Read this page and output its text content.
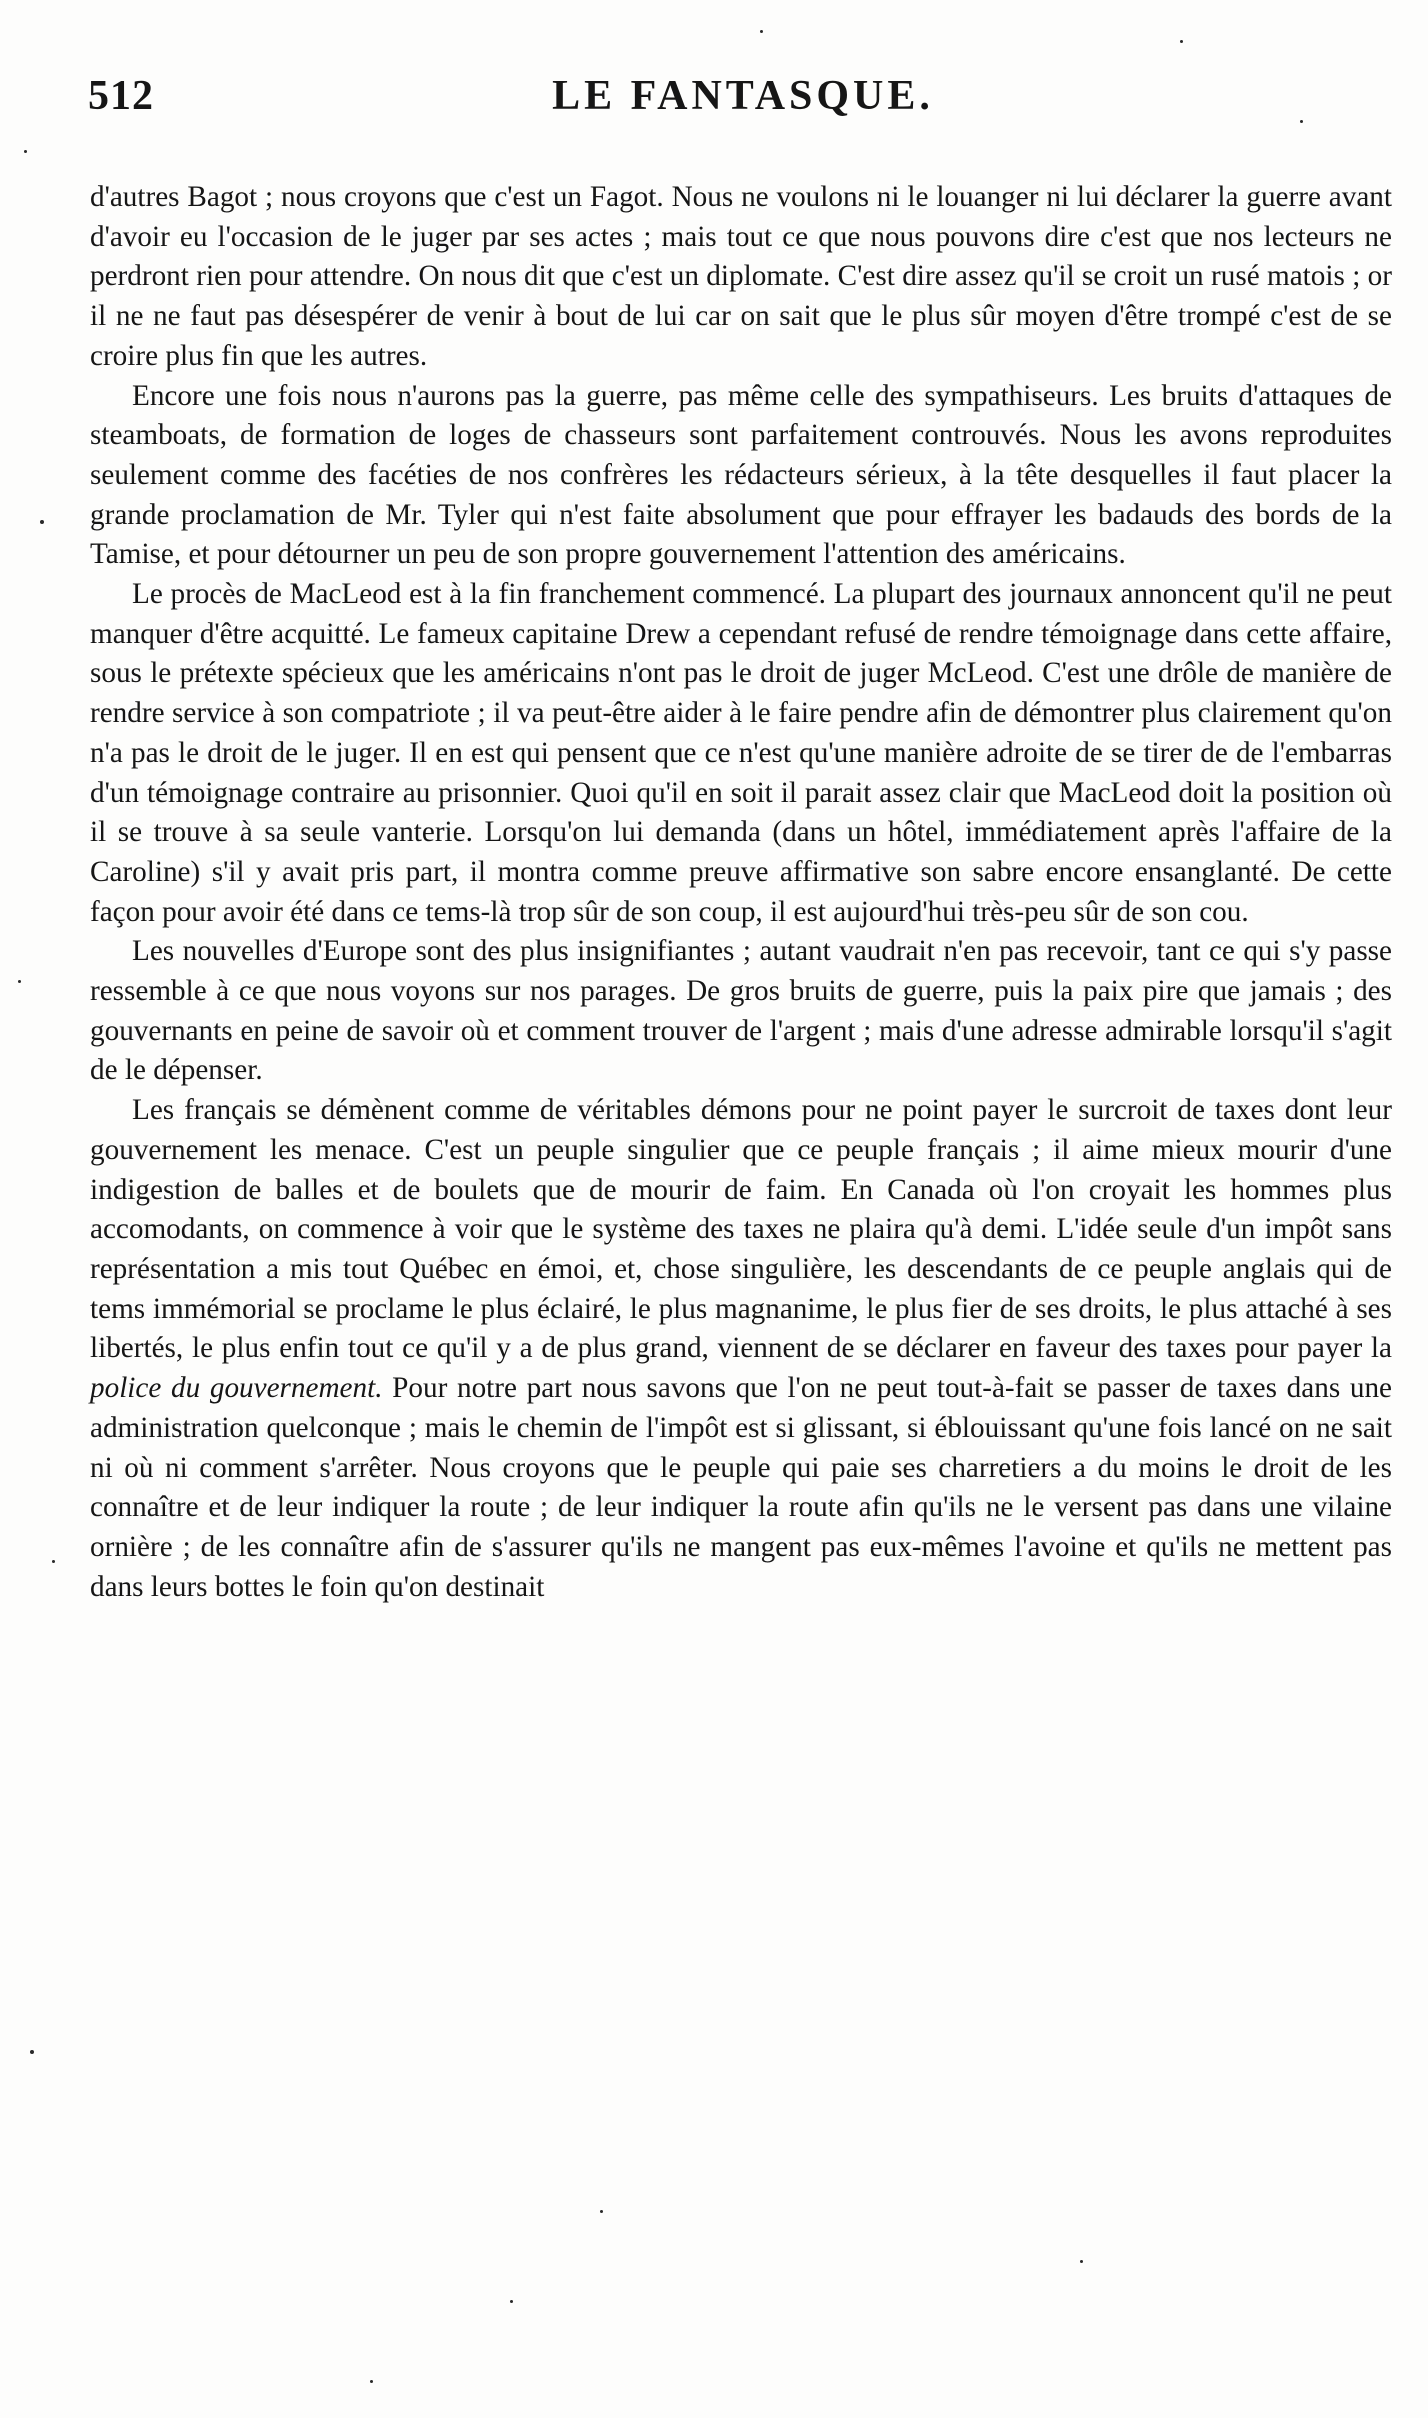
512	LE FANTASQUE.

d'autres Bagot ; nous croyons que c'est un Fagot. Nous ne voulons ni le louanger ni lui déclarer la guerre avant d'avoir eu l'occasion de le juger par ses actes ; mais tout ce que nous pouvons dire c'est que nos lecteurs ne perdront rien pour attendre. On nous dit que c'est un diplomate. C'est dire assez qu'il se croit un rusé matois ; or il ne ne faut pas désespérer de venir à bout de lui car on sait que le plus sûr moyen d'être trompé c'est de se croire plus fin que les autres.

Encore une fois nous n'aurons pas la guerre, pas même celle des sympathiseurs. Les bruits d'attaques de steamboats, de formation de loges de chasseurs sont parfaitement controuvés. Nous les avons reproduites seulement comme des facéties de nos confrères les rédacteurs sérieux, à la tête desquelles il faut placer la grande proclamation de Mr. Tyler qui n'est faite absolument que pour effrayer les badauds des bords de la Tamise, et pour détourner un peu de son propre gouvernement l'attention des américains.

Le procès de MacLeod est à la fin franchement commencé. La plupart des journaux annoncent qu'il ne peut manquer d'être acquitté. Le fameux capitaine Drew a cependant refusé de rendre témoignage dans cette affaire, sous le prétexte spécieux que les américains n'ont pas le droit de juger McLeod. C'est une drôle de manière de rendre service à son compatriote ; il va peut-être aider à le faire pendre afin de démontrer plus clairement qu'on n'a pas le droit de le juger. Il en est qui pensent que ce n'est qu'une manière adroite de se tirer de de l'embarras d'un témoignage contraire au prisonnier. Quoi qu'il en soit il parait assez clair que MacLeod doit la position où il se trouve à sa seule vanterie. Lorsqu'on lui demanda (dans un hôtel, immédiatement après l'affaire de la Caroline) s'il y avait pris part, il montra comme preuve affirmative son sabre encore ensanglanté. De cette façon pour avoir été dans ce tems-là trop sûr de son coup, il est aujourd'hui très-peu sûr de son cou.

Les nouvelles d'Europe sont des plus insignifiantes ; autant vaudrait n'en pas recevoir, tant ce qui s'y passe ressemble à ce que nous voyons sur nos parages. De gros bruits de guerre, puis la paix pire que jamais ; des gouvernants en peine de savoir où et comment trouver de l'argent ; mais d'une adresse admirable lorsqu'il s'agit de le dépenser.

Les français se démènent comme de véritables démons pour ne point payer le surcroit de taxes dont leur gouvernement les menace. C'est un peuple singulier que ce peuple français ; il aime mieux mourir d'une indigestion de balles et de boulets que de mourir de faim. En Canada où l'on croyait les hommes plus accomodants, on commence à voir que le système des taxes ne plaira qu'à demi. L'idée seule d'un impôt sans représentation a mis tout Québec en émoi, et, chose singulière, les descendants de ce peuple anglais qui de tems immémorial se proclame le plus éclairé, le plus magnanime, le plus fier de ses droits, le plus attaché à ses libertés, le plus enfin tout ce qu'il y a de plus grand, viennent de se déclarer en faveur des taxes pour payer la police du gouvernement. Pour notre part nous savons que l'on ne peut tout-à-fait se passer de taxes dans une administration quelconque ; mais le chemin de l'impôt est si glissant, si éblouissant qu'une fois lancé on ne sait ni où ni comment s'arrêter. Nous croyons que le peuple qui paie ses charretiers a du moins le droit de les connaître et de leur indiquer la route ; de leur indiquer la route afin qu'ils ne le versent pas dans une vilaine ornière ; de les connaître afin de s'assurer qu'ils ne mangent pas eux-mêmes l'avoine et qu'ils ne mettent pas dans leurs bottes le foin qu'on destinait
